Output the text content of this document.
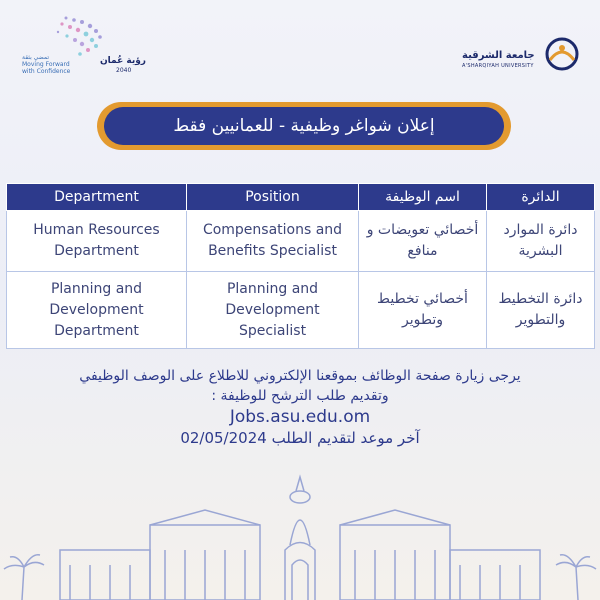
تمضي بثقة
Moving Forward with Confidence
رؤية عُمان
2040
جامعة الشرقية
A'SHARQIYAH UNIVERSITY
إعلان شواغر وظيفية - للعمانيين فقط
Department	Position	اسم الوظيفة	الدائرة
Human Resources Department	Compensations and Benefits Specialist	أخصائي تعويضات و منافع	دائرة الموارد البشرية
Planning and Development Department	Planning and Development Specialist	أخصائي تخطيط وتطوير	دائرة التخطيط والتطوير
يرجى زيارة صفحة الوظائف بموقعنا الإلكتروني للاطلاع على الوصف الوظيفي
وتقديم طلب الترشح للوظيفة :
Jobs.asu.edu.om
آخر موعد لتقديم الطلب 02/05/2024
